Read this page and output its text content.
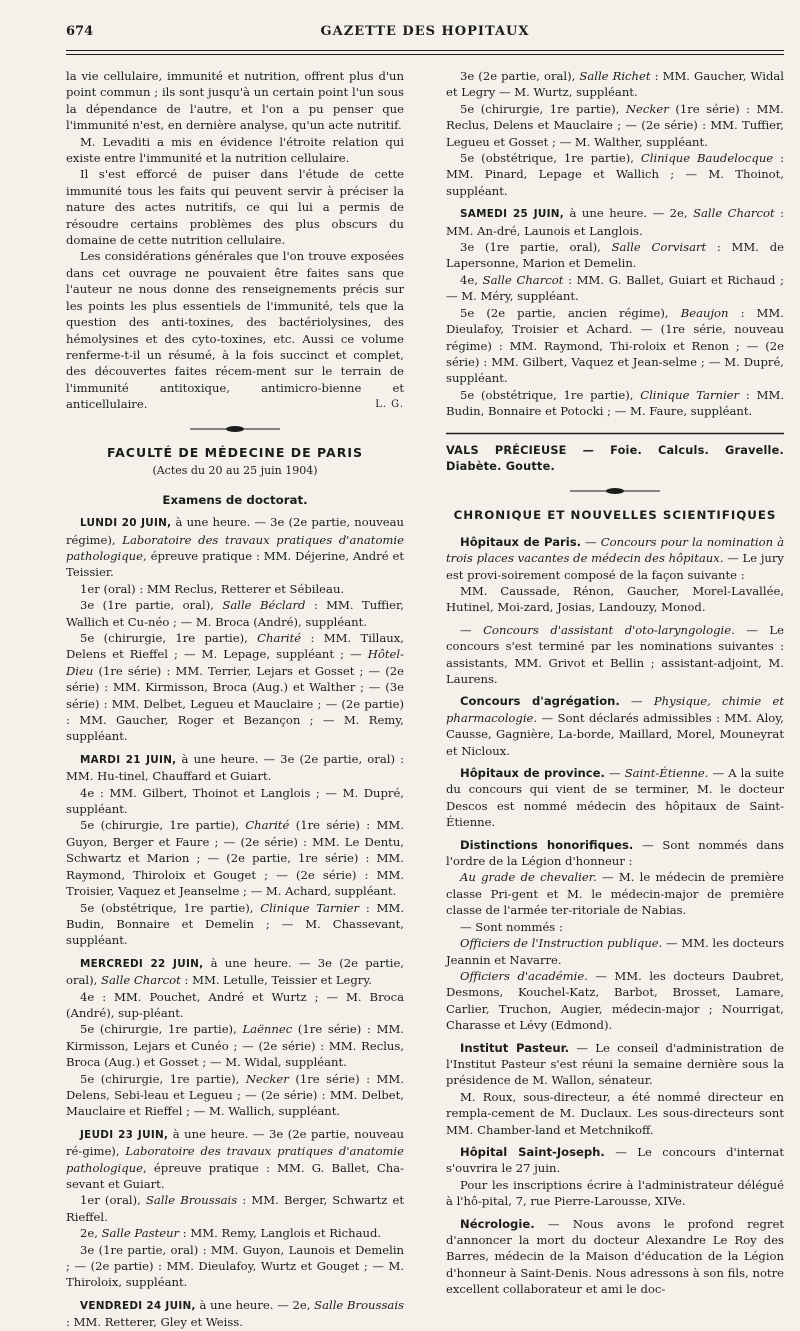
674	GAZETTE DES HOPITAUX

la vie cellulaire, immunité et nutrition, offrent plus d'un point commun ; ils sont jusqu'à un certain point l'un sous la dépendance de l'autre, et l'on a pu penser que l'immunité n'est, en dernière analyse, qu'un acte nutritif.

M. Levaditi a mis en évidence l'étroite relation qui existe entre l'immunité et la nutrition cellulaire.

Il s'est efforcé de puiser dans l'étude de cette immunité tous les faits qui peuvent servir à préciser la nature des actes nutritifs, ce qui lui a permis de résoudre certains problèmes des plus obscurs du domaine de cette nutrition cellulaire.

Les considérations générales que l'on trouve exposées dans cet ouvrage ne pouvaient être faites sans que l'auteur ne nous donne des renseignements précis sur les points les plus essentiels de l'immunité, tels que la question des anti-toxines, des bactériolysines, des hémolysines et des cyto-toxines, etc. Aussi ce volume renferme-t-il un résumé, à la fois succinct et complet, des découvertes faites récem-ment sur le terrain de l'immunité antitoxique, antimicro-bienne et anticellulaire.	L. G.
FACULTÉ DE MÉDECINE DE PARIS
(Actes du 20 au 25 juin 1904)
Examens de doctorat.

LUNDI 20 JUIN, à une heure. — 3e (2e partie, nouveau régime), Laboratoire des travaux pratiques d'anatomie pathologique, épreuve pratique : MM. Déjerine, André et Teissier.

1er (oral) : MM Reclus, Retterer et Sébileau.

3e (1re partie, oral), Salle Béclard : MM. Tuffier, Wallich et Cu-néo ; — M. Broca (André), suppléant.

5e (chirurgie, 1re partie), Charité : MM. Tillaux, Delens et Rieffel ; — M. Lepage, suppléant ; — Hôtel-Dieu (1re série) : MM. Terrier, Lejars et Gosset ; — (2e série) : MM. Kirmisson, Broca (Aug.) et Walther ; — (3e série) : MM. Delbet, Legueu et Mauclaire ; — (2e partie) : MM. Gaucher, Roger et Bezançon ; — M. Remy, suppléant.

MARDI 21 JUIN, à une heure. — 3e (2e partie, oral) : MM. Hu-tinel, Chauffard et Guiart.

4e : MM. Gilbert, Thoinot et Langlois ; — M. Dupré, suppléant.

5e (chirurgie, 1re partie), Charité (1re série) : MM. Guyon, Berger et Faure ; — (2e série) : MM. Le Dentu, Schwartz et Marion ; — (2e partie, 1re série) : MM. Raymond, Thiroloix et Gouget ; — (2e série) : MM. Troisier, Vaquez et Jeanselme ; — M. Achard, suppléant.

5e (obstétrique, 1re partie), Clinique Tarnier : MM. Budin, Bonnaire et Demelin ; — M. Chassevant, suppléant.

MERCREDI 22 JUIN, à une heure. — 3e (2e partie, oral), Salle Charcot : MM. Letulle, Teissier et Legry.

4e : MM. Pouchet, André et Wurtz ; — M. Broca (André), sup-pléant.

5e (chirurgie, 1re partie), Laënnec (1re série) : MM. Kirmisson, Lejars et Cunéo ; — (2e série) : MM. Reclus, Broca (Aug.) et Gosset ; — M. Widal, suppléant.

5e (chirurgie, 1re partie), Necker (1re série) : MM. Delens, Sebi-leau et Legueu ; — (2e série) : MM. Delbet, Mauclaire et Rieffel ; — M. Wallich, suppléant.

JEUDI 23 JUIN, à une heure. — 3e (2e partie, nouveau ré-gime), Laboratoire des travaux pratiques d'anatomie pathologique, épreuve pratique : MM. G. Ballet, Cha-sevant et Guiart.

1er (oral), Salle Broussais : MM. Berger, Schwartz et Rieffel.

2e, Salle Pasteur : MM. Remy, Langlois et Richaud.

3e (1re partie, oral) : MM. Guyon, Launois et Demelin ; — (2e partie) : MM. Dieulafoy, Wurtz et Gouget ; — M. Thiroloix, suppléant.

VENDREDI 24 JUIN, à une heure. — 2e, Salle Broussais : MM. Retterer, Gley et Weiss.

3e (2e partie, oral), Salle Richet : MM. Gaucher, Widal et Legry — M. Wurtz, suppléant.

5e (chirurgie, 1re partie), Necker (1re série) : MM. Reclus, Delens et Mauclaire ; — (2e série) : MM. Tuffier, Legueu et Gosset ; — M. Walther, suppléant.

5e (obstétrique, 1re partie), Clinique Baudelocque : MM. Pinard, Lepage et Wallich ; — M. Thoinot, suppléant.

SAMEDI 25 JUIN, à une heure. — 2e, Salle Charcot : MM. An-dré, Launois et Langlois.

3e (1re partie, oral), Salle Corvisart : MM. de Lapersonne, Marion et Demelin.

4e, Salle Charcot : MM. G. Ballet, Guiart et Richaud ; — M. Méry, suppléant.

5e (2e partie, ancien régime), Beaujon : MM. Dieulafoy, Troisier et Achard. — (1re série, nouveau régime) : MM. Raymond, Thi-roloix et Renon ; — (2e série) : MM. Gilbert, Vaquez et Jean-selme ; — M. Dupré, suppléant.

5e (obstétrique, 1re partie), Clinique Tarnier : MM. Budin, Bonnaire et Potocki ; — M. Faure, suppléant.

VALS PRÉCIEUSE — Foie. Calculs. Gravelle. Diabète. Goutte.

CHRONIQUE ET NOUVELLES SCIENTIFIQUES

Hôpitaux de Paris. — Concours pour la nomination à trois places vacantes de médecin des hôpitaux. — Le jury est provi-soirement composé de la façon suivante :

MM. Caussade, Rénon, Gaucher, Morel-Lavallée, Hutinel, Moi-zard, Josias, Landouzy, Monod.

— Concours d'assistant d'oto-laryngologie. — Le concours s'est terminé par les nominations suivantes : assistants, MM. Grivot et Bellin ; assistant-adjoint, M. Laurens.

Concours d'agrégation. — Physique, chimie et pharmacologie. — Sont déclarés admissibles : MM. Aloy, Causse, Gagnière, La-borde, Maillard, Morel, Mouneyrat et Nicloux.

Hôpitaux de province. — Saint-Étienne. — A la suite du concours qui vient de se terminer, M. le docteur Descos est nommé médecin des hôpitaux de Saint-Étienne.

Distinctions honorifiques. — Sont nommés dans l'ordre de la Légion d'honneur :

Au grade de chevalier. — M. le médecin de première classe Pri-gent et M. le médecin-major de première classe de l'armée ter-ritoriale de Nabias.

— Sont nommés :

Officiers de l'Instruction publique. — MM. les docteurs Jeannin et Navarre.

Officiers d'académie. — MM. les docteurs Daubret, Desmons, Kouchel-Katz, Barbot, Brosset, Lamare, Carlier, Truchon, Augier, médecin-major ; Nourrigat, Charasse et Lévy (Edmond).

Institut Pasteur. — Le conseil d'administration de l'Institut Pasteur s'est réuni la semaine dernière sous la présidence de M. Wallon, sénateur.

M. Roux, sous-directeur, a été nommé directeur en rempla-cement de M. Duclaux. Les sous-directeurs sont MM. Chamber-land et Metchnikoff.

Hôpital Saint-Joseph. — Le concours d'internat s'ouvrira le 27 juin.

Pour les inscriptions écrire à l'administrateur délégué à l'hô-pital, 7, rue Pierre-Larousse, XIVe.

Nécrologie. — Nous avons le profond regret d'annoncer la mort du docteur Alexandre Le Roy des Barres, médecin de la Maison d'éducation de la Légion d'honneur à Saint-Denis. Nous adressons à son fils, notre excellent collaborateur et ami le doc-
